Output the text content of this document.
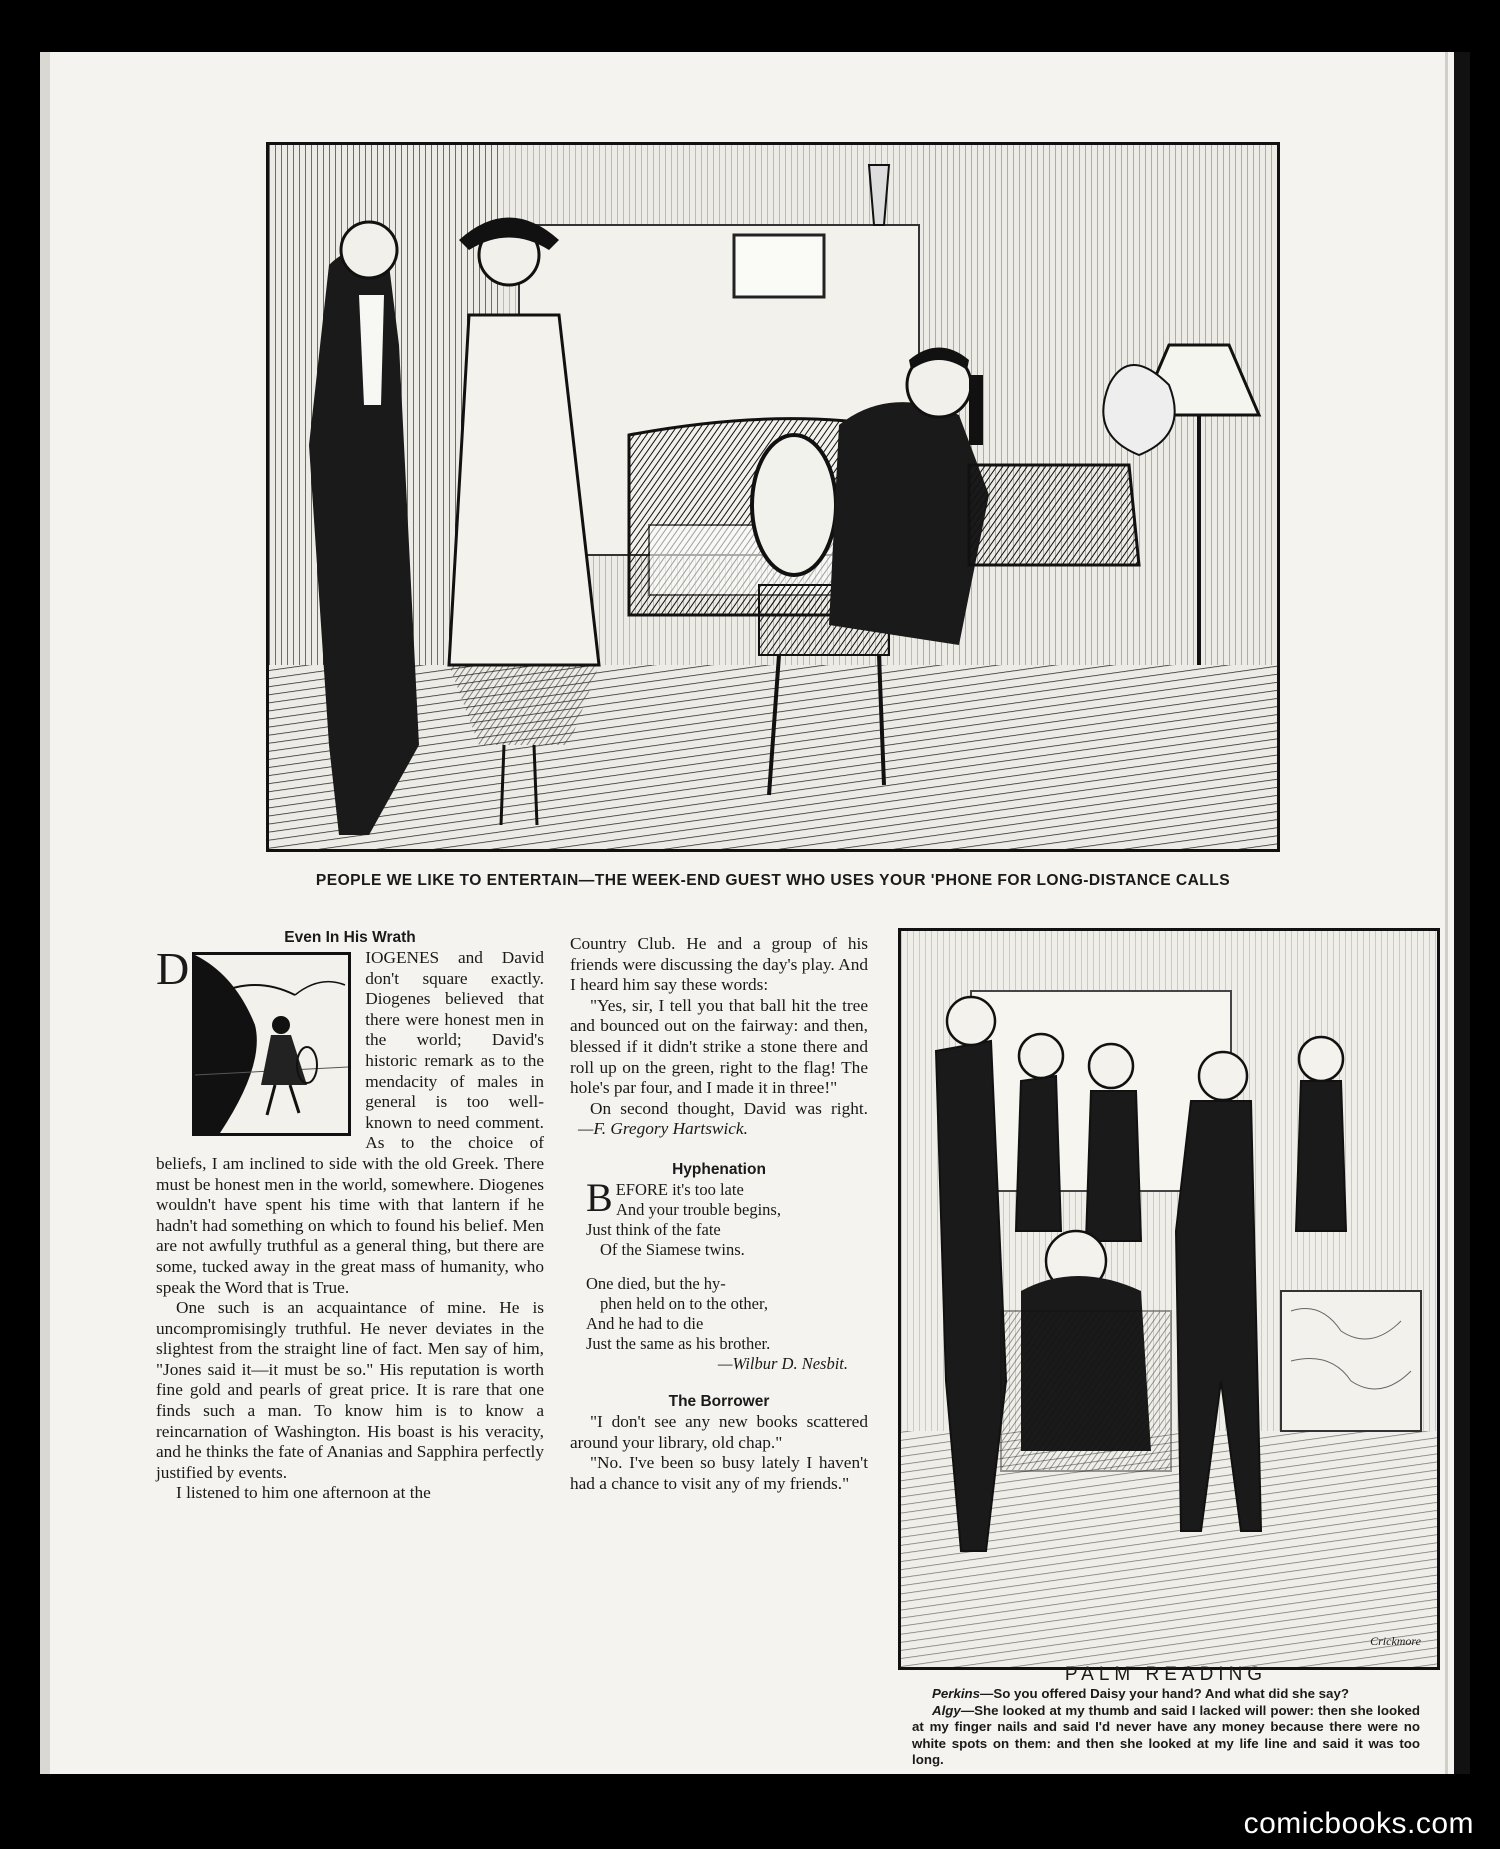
PEOPLE WE LIKE TO ENTERTAIN—THE WEEK-END GUEST WHO USES YOUR 'PHONE FOR LONG-DISTANCE CALLS
Even In His Wrath

D	IOGENES and David don't square exactly. Diogenes believed that there were honest men in the world; David's historic remark as to the mendacity of males in general is too well-known to need comment. As to the choice of beliefs, I am inclined to side with the old Greek. There must be honest men in the world, somewhere. Diogenes wouldn't have spent his time with that lantern if he hadn't had something on which to found his belief. Men are not awfully truthful as a general thing, but there are some, tucked away in the great mass of humanity, who speak the Word that is True.

One such is an acquaintance of mine. He is uncompromisingly truthful. He never deviates in the slightest from the straight line of fact. Men say of him, "Jones said it—it must be so." His reputation is worth fine gold and pearls of great price. It is rare that one finds such a man. To know him is to know a reincarnation of Washington. His boast is his veracity, and he thinks the fate of Ananias and Sapphira perfectly justified by events.

I listened to him one afternoon at the

Country Club. He and a group of his friends were discussing the day's play. And I heard him say these words:

"Yes, sir, I tell you that ball hit the tree and bounced out on the fairway: and then, blessed if it didn't strike a stone there and roll up on the green, right to the flag! The hole's par four, and I made it in three!"

On second thought, David was right. —F. Gregory Hartswick.

Hyphenation
BEFORE it's too late
And your trouble begins,
Just think of the fate
Of the Siamese twins.
One died, but the hy-
phen held on to the other,
And he had to die
Just the same as his brother.
—Wilbur D. Nesbit.
The Borrower

"I don't see any new books scattered around your library, old chap."

"No. I've been so busy lately I haven't had a chance to visit any of my friends."

Crickmore
PALM READING

Perkins—So you offered Daisy your hand? And what did she say?

Algy—She looked at my thumb and said I lacked will power: then she looked at my finger nails and said I'd never have any money because there were no white spots on them: and then she looked at my life line and said it was too long.

comicbooks.com
